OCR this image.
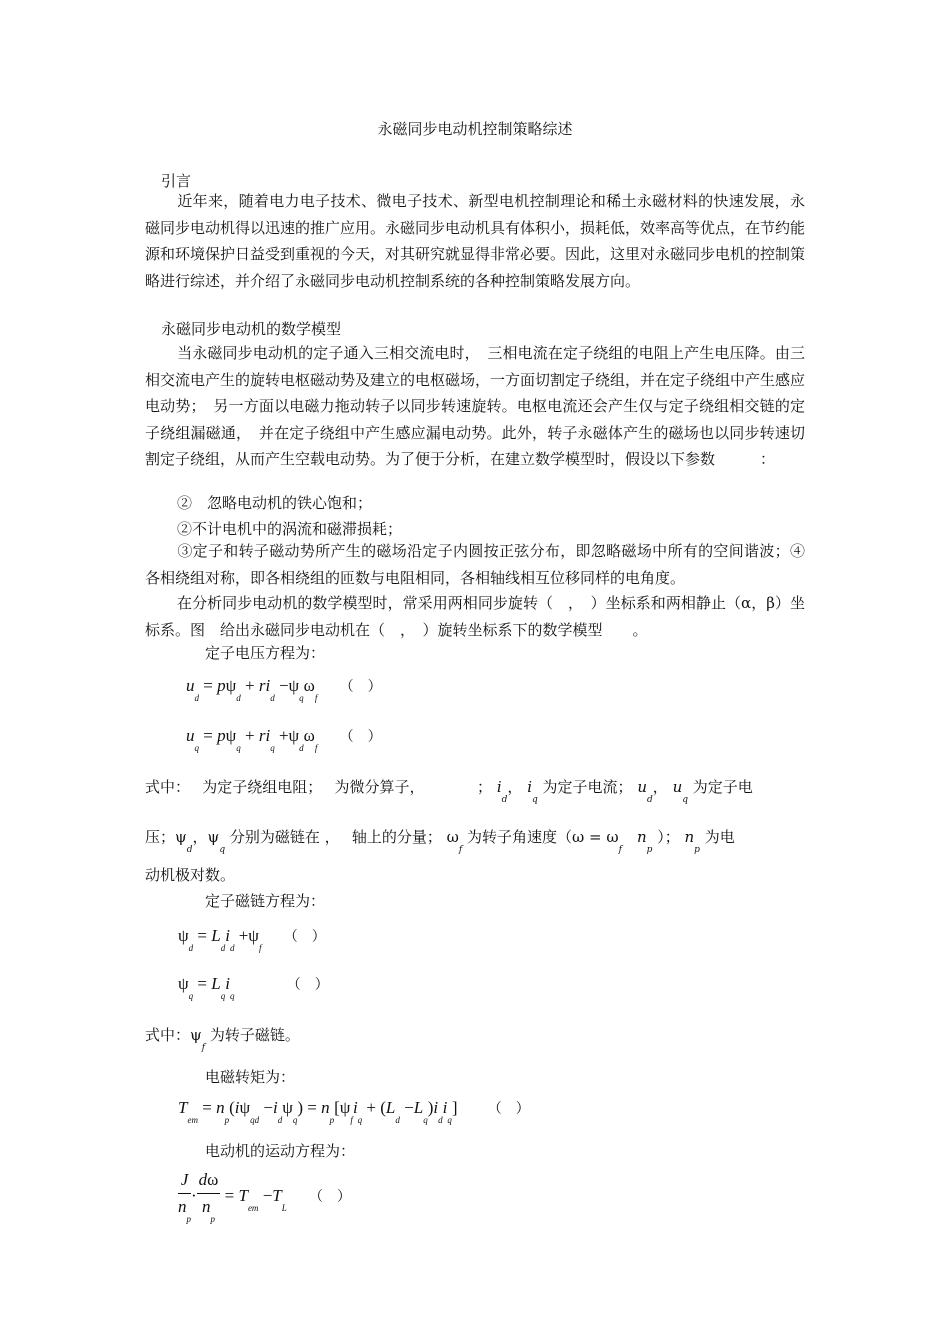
永磁同步电动机控制策略综述
引言
近年来，随着电力电子技术、微电子技术、新型电机控制理论和稀土永磁材料的快速发展，永磁同步电动机得以迅速的推广应用。永磁同步电动机具有体积小，损耗低，效率高等优点，在节约能源和环境保护日益受到重视的今天，对其研究就显得非常必要。因此，这里对永磁同步电机的控制策略进行综述，并介绍了永磁同步电动机控制系统的各种控制策略发展方向。
永磁同步电动机的数学模型
当永磁同步电动机的定子通入三相交流电时，　三相电流在定子绕组的电阻上产生电压降。由三相交流电产生的旋转电枢磁动势及建立的电枢磁场，一方面切割定子绕组，并在定子绕组中产生感应电动势；　另一方面以电磁力拖动转子以同步转速旋转。电枢电流还会产生仅与定子绕组相交链的定子绕组漏磁通，　并在定子绕组中产生感应漏电动势。此外，转子永磁体产生的磁场也以同步转速切割定子绕组，从而产生空载电动势。为了便于分析，在建立数学模型时，假设以下参数　　　：
②　忽略电动机的铁心饱和；
②不计电机中的涡流和磁滞损耗；
③定子和转子磁动势所产生的磁场沿定子内圆按正弦分布，即忽略磁场中所有的空间谐波；④各相绕组对称，即各相绕组的匝数与电阻相同，各相轴线相互位移同样的电角度。
在分析同步电动机的数学模型时，常采用两相同步旋转（　，　）坐标系和两相静止（α，β）坐标系。图　给出永磁同步电动机在（　，　）旋转坐标系下的数学模型　　。
定子电压方程为：
$u_d = p\psi_d + ri_d -\psi_q\omega_f$ （　）
$u_q = p\psi_q + ri_q +\psi_d\omega_f$ （　）
式中：　 为定子绕组电阻；　 为微分算子，　　　　； $i_d$， $i_q$ 为定子电流； $u_d$， $u_q$ 为定子电
压；$\psi_d$，$\psi_q$ 分别为磁链在 ，　 轴上的分量； $\omega_f$ 为转子角速度（$\omega = \omega_f$　$n_p$ ）； $n_p$ 为电
动机极对数。
定子磁链方程为：
$\psi_d = L_di_d +\psi_f$ （　）
$\psi_q = L_qi_q$ （　）
式中：$\psi_f$ 为转子磁链。
电磁转矩为：
$T_{em} = n_p(i\psi_{qd} -i_d\psi_q) = n_p[\psi_fi_q + (L_d -L_q)i_di_q]$ （　）
电动机的运动方程为：
$\frac{J}{n_p} \cdot \frac{d\omega}{n_p} = T_{em} -T_L$ （　）
